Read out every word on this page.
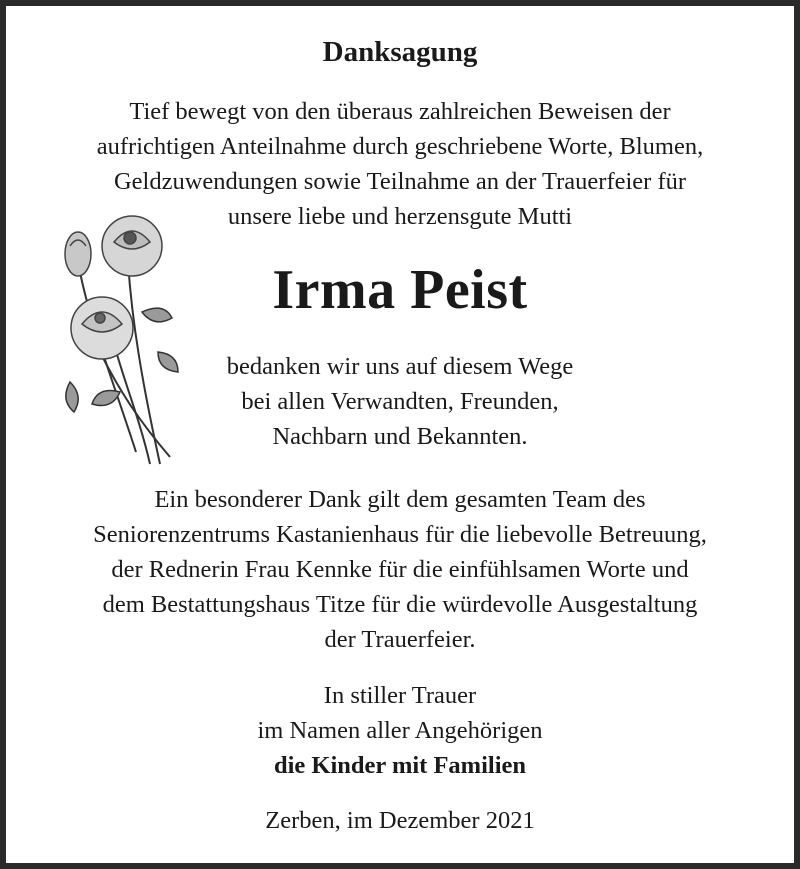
Danksagung
Tief bewegt von den überaus zahlreichen Beweisen der
aufrichtigen Anteilnahme durch geschriebene Worte, Blumen,
Geldzuwendungen sowie Teilnahme an der Trauerfeier für
unsere liebe und herzensgute Mutti
Irma Peist
bedanken wir uns auf diesem Wege
bei allen Verwandten, Freunden,
Nachbarn und Bekannten.
Ein besonderer Dank gilt dem gesamten Team des
Seniorenzentrums Kastanienhaus für die liebevolle Betreuung,
der Rednerin Frau Kennke für die einfühlsamen Worte und
dem Bestattungshaus Titze für die würdevolle Ausgestaltung
der Trauerfeier.
In stiller Trauer
im Namen aller Angehörigen
die Kinder mit Familien
Zerben, im Dezember 2021
